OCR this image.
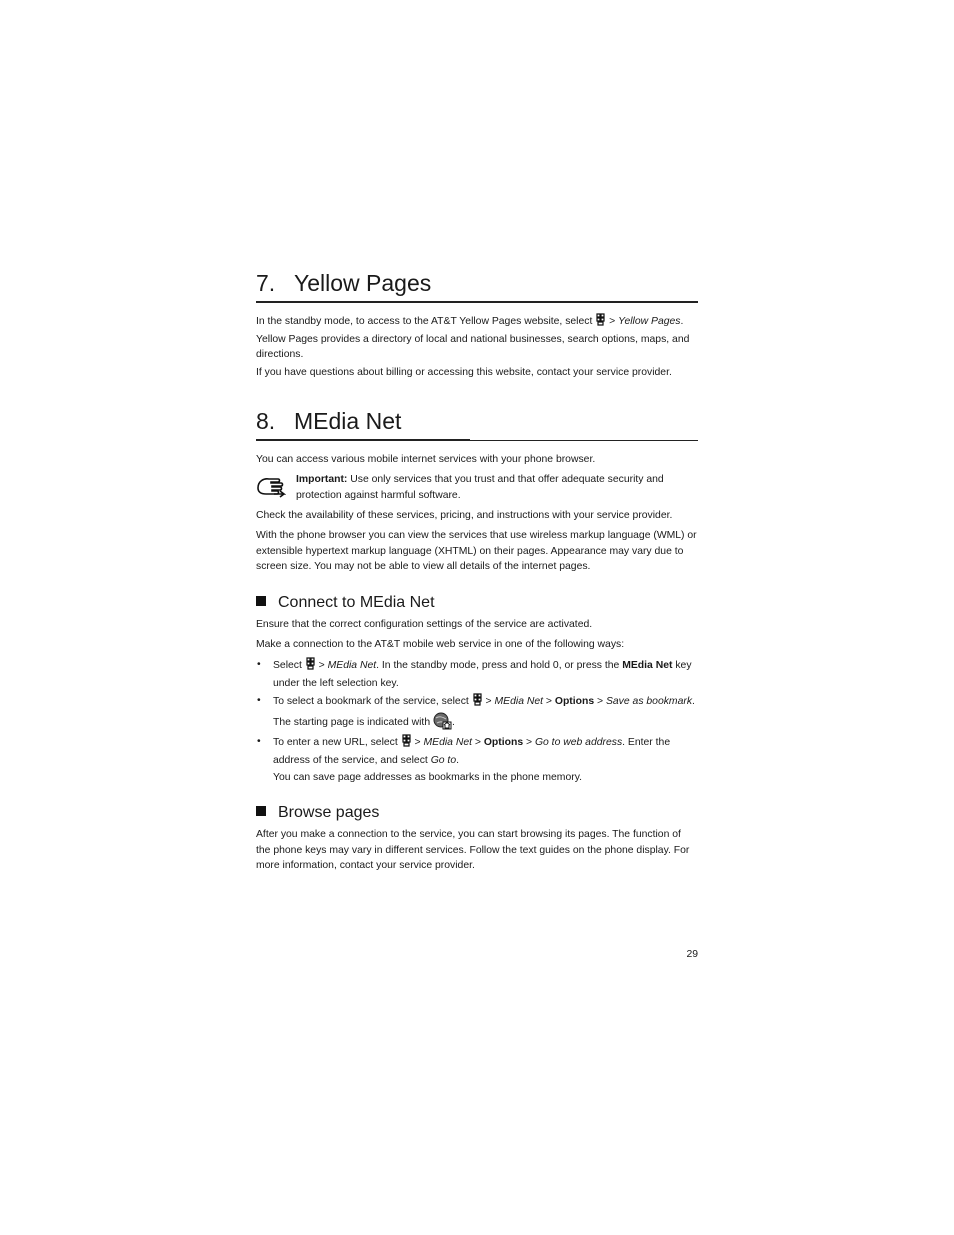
7. Yellow Pages

In the standby mode, to access to the AT&T Yellow Pages website, select  > Yellow Pages. Yellow Pages provides a directory of local and national businesses, search options, maps, and directions.

If you have questions about billing or accessing this website, contact your service provider.

8. MEdia Net

You can access various mobile internet services with your phone browser.

Important: Use only services that you trust and that offer adequate security and protection against harmful software.

Check the availability of these services, pricing, and instructions with your service provider.

With the phone browser you can view the services that use wireless markup language (WML) or extensible hypertext markup language (XHTML) on their pages. Appearance may vary due to screen size. You may not be able to view all details of the internet pages.

Connect to MEdia Net

Ensure that the correct configuration settings of the service are activated.

Make a connection to the AT&T mobile web service in one of the following ways:

•	Select  > MEdia Net. In the standby mode, press and hold 0, or press the MEdia Net key under the left selection key.
•	To select a bookmark of the service, select  > MEdia Net > Options > Save as bookmark.

The starting page is indicated with .

•	To enter a new URL, select  > MEdia Net > Options > Go to web address. Enter the address of the service, and select Go to.

You can save page addresses as bookmarks in the phone memory.

Browse pages

After you make a connection to the service, you can start browsing its pages. The function of the phone keys may vary in different services. Follow the text guides on the phone display. For more information, contact your service provider.

29
